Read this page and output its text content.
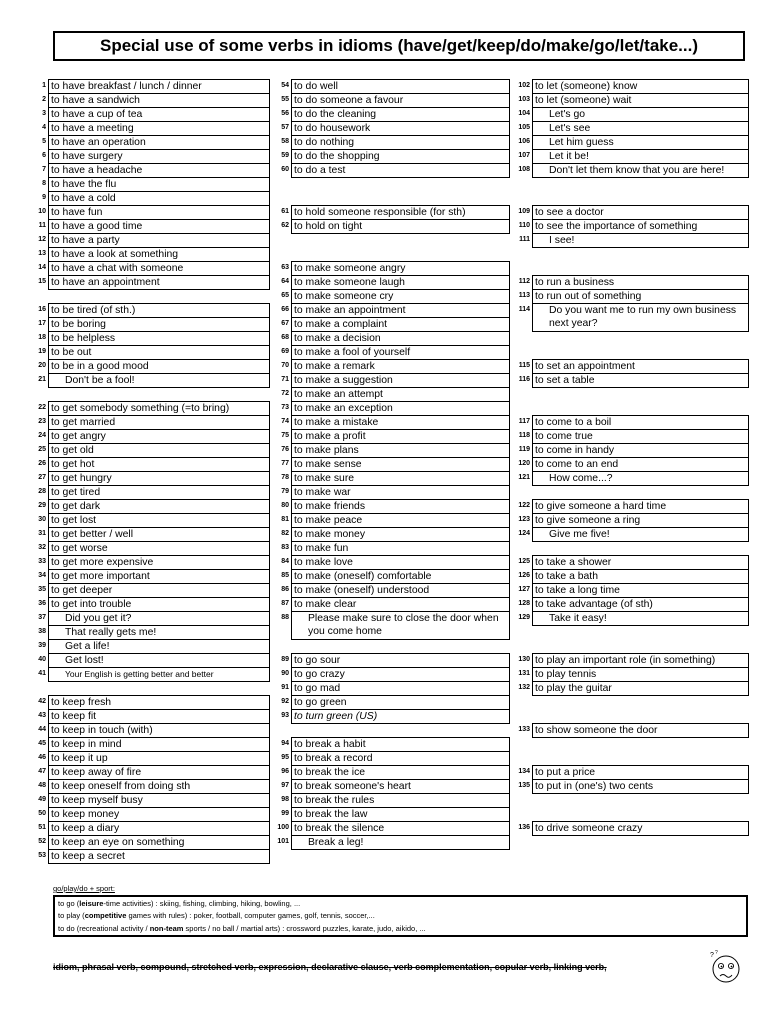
Special use of some verbs in idioms (have/get/keep/do/make/go/let/take...)
1 to have breakfast / lunch / dinner
2 to have a sandwich
3 to have a cup of tea
4 to have a meeting
5 to have an operation
6 to have surgery
7 to have a headache
8 to have the flu
9 to have a cold
10 to have fun
11 to have a good time
12 to have a party
13 to have a look at something
14 to have a chat with someone
15 to have an appointment
16 to be tired (of sth.)
17 to be boring
18 to be helpless
19 to be out
20 to be in a good mood
21	Don't be a fool!
22 to get somebody something (=to bring)
23 to get married
24 to get angry
25 to get old
26 to get hot
27 to get hungry
28 to get tired
29 to get dark
30 to get lost
31 to get better / well
32 to get worse
33 to get more expensive
34 to get more important
35 to get deeper
36 to get into trouble
37	Did you get it?
38	That really gets me!
39	Get a life!
40	Get lost!
41	Your English is getting better and better
42 to keep fresh
43 to keep fit
44 to keep in touch (with)
45 to keep in mind
46 to keep it up
47 to keep away of fire
48 to keep oneself from doing sth
49 to keep myself busy
50 to keep money
51 to keep a diary
52 to keep an eye on something
53 to keep a secret
54 to do well
55 to do someone a favour
56 to do the cleaning
57 to do housework
58 to do nothing
59 to do the shopping
60 to do a test
61 to hold someone responsible (for sth)
62 to hold on tight
63 to make someone angry
64 to make someone laugh
65 to make someone cry
66 to make an appointment
67 to make a complaint
68 to make a decision
69 to make a fool of yourself
70 to make a remark
71 to make a suggestion
72 to make an attempt
73 to make an exception
74 to make a mistake
75 to make a profit
76 to make plans
77 to make sense
78 to make sure
79 to make war
80 to make friends
81 to make peace
82 to make money
83 to make fun
84 to make love
85 to make (oneself) comfortable
86 to make (oneself) understood
87 to make clear
88	Please make sure to close the door when you come home
89 to go sour
90 to go crazy
91 to go mad
92 to go green
93 to turn green (US)
94 to break a habit
95 to break a record
96 to break the ice
97 to break someone's heart
98 to break the rules
99 to break the law
100 to break the silence
101	Break a leg!
102 to let (someone) know
103 to let (someone) wait
104	Let's go
105	Let's see
106	Let him guess
107	Let it be!
108	Don't let them know that you are here!
109 to see a doctor
110 to see the importance of something
111	I see!
112 to run a business
113 to run out of something
114	Do you want me to run my own business next year?
115 to set an appointment
116 to set a table
117 to come to a boil
118 to come true
119 to come in handy
120 to come to an end
121	How come...?
122 to give someone a hard time
123 to give someone a ring
124	Give me five!
125 to take a shower
126 to take a bath
127 to take a long time
128 to take advantage (of sth)
129	Take it easy!
130 to play an important role (in something)
131 to play tennis
132 to play the guitar
133 to show someone the door
134 to put a price
135 to put in (one's) two cents
136 to drive someone crazy
go/play/do + sport:
to go (leisure-time activities) : skiing, fishing, climbing, hiking, bowling, ...
to play (competitive games with rules) : poker, football, computer games, golf, tennis, soccer,...
to do (recreational activity / non-team sports / no ball / martial arts) : crossword puzzles, karate, judo, aikido, ...
idiom, phrasal verb, compound, stretched verb, expression, declarative clause, verb complementation, copular verb, linking verb,
? ?
